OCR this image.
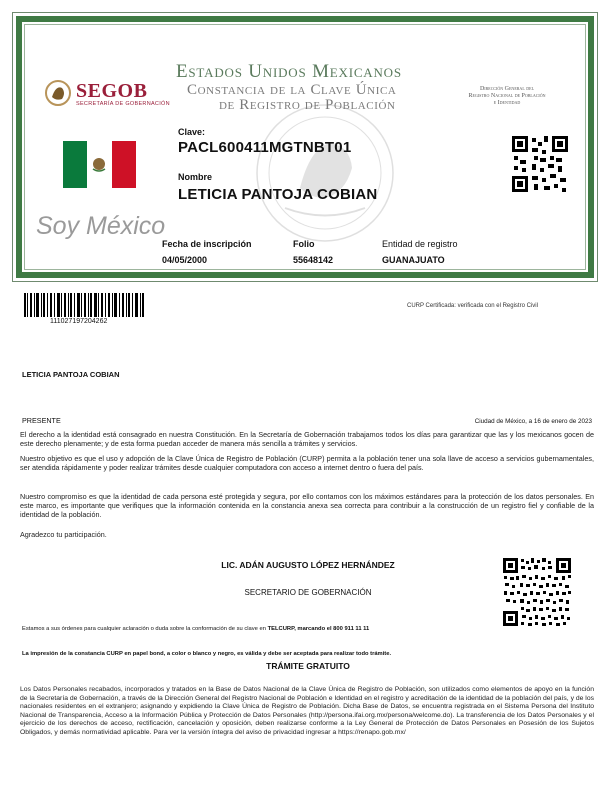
SEGOB
SECRETARÍA DE GOBERNACIÓN
Estados Unidos Mexicanos
Constancia de la Clave Única
de Registro de Población
Dirección General del
Registro Nacional de Población
e Identidad
Clave:
PACL600411MGTNBT01
Nombre
LETICIA PANTOJA COBIAN
Soy México
Fecha de inscripción
04/05/2000
Folio
55648142
Entidad de registro
GUANAJUATO
111027197204262
CURP Certificada: verificada con el Registro Civil
LETICIA PANTOJA COBIAN
PRESENTE	Ciudad de México, a 16 de enero de 2023
El derecho a la identidad está consagrado en nuestra Constitución. En la Secretaría de Gobernación trabajamos todos los días para garantizar que las y los mexicanos gocen de este derecho plenamente; y de esta forma puedan acceder de manera más sencilla a trámites y servicios.
Nuestro objetivo es que el uso y adopción de la Clave Única de Registro de Población (CURP) permita a la población tener una sola llave de acceso a servicios gubernamentales, ser atendida rápidamente y poder realizar trámites desde cualquier computadora con acceso a internet dentro o fuera del país.
Nuestro compromiso es que la identidad de cada persona esté protegida y segura, por ello contamos con los máximos estándares para la protección de los datos personales. En este marco, es importante que verifiques que la información contenida en la constancia anexa sea correcta para contribuir a la construcción de un registro fiel y confiable de la identidad de la población.
Agradezco tu participación.
LIC. ADÁN AUGUSTO LÓPEZ HERNÁNDEZ
SECRETARIO DE GOBERNACIÓN
Estamos a sus órdenes para cualquier aclaración o duda sobre la conformación de su clave en TELCURP, marcando el 800 911 11 11
La impresión de la constancia CURP en papel bond, a color o blanco y negro, es válida y debe ser aceptada para realizar todo trámite.
TRÁMITE GRATUITO
Los Datos Personales recabados, incorporados y tratados en la Base de Datos Nacional de la Clave Única de Registro de Población, son utilizados como elementos de apoyo en la función de la Secretaría de Gobernación, a través de la Dirección General del Registro Nacional de Población e Identidad en el registro y acreditación de la identidad de la población del país, y de los nacionales residentes en el extranjero; asignando y expidiendo la Clave Única de Registro de Población. Dicha Base de Datos, se encuentra registrada en el Sistema Persona del Instituto Nacional de Transparencia, Acceso a la Información Pública y Protección de Datos Personales (http://persona.ifai.org.mx/persona/welcome.do). La transferencia de los Datos Personales y el ejercicio de los derechos de acceso, rectificación, cancelación y oposición, deben realizarse conforme a la Ley General de Protección de Datos Personales en Posesión de los Sujetos Obligados, y demás normatividad aplicable. Para ver la versión íntegra del aviso de privacidad ingresar a https://renapo.gob.mx/
